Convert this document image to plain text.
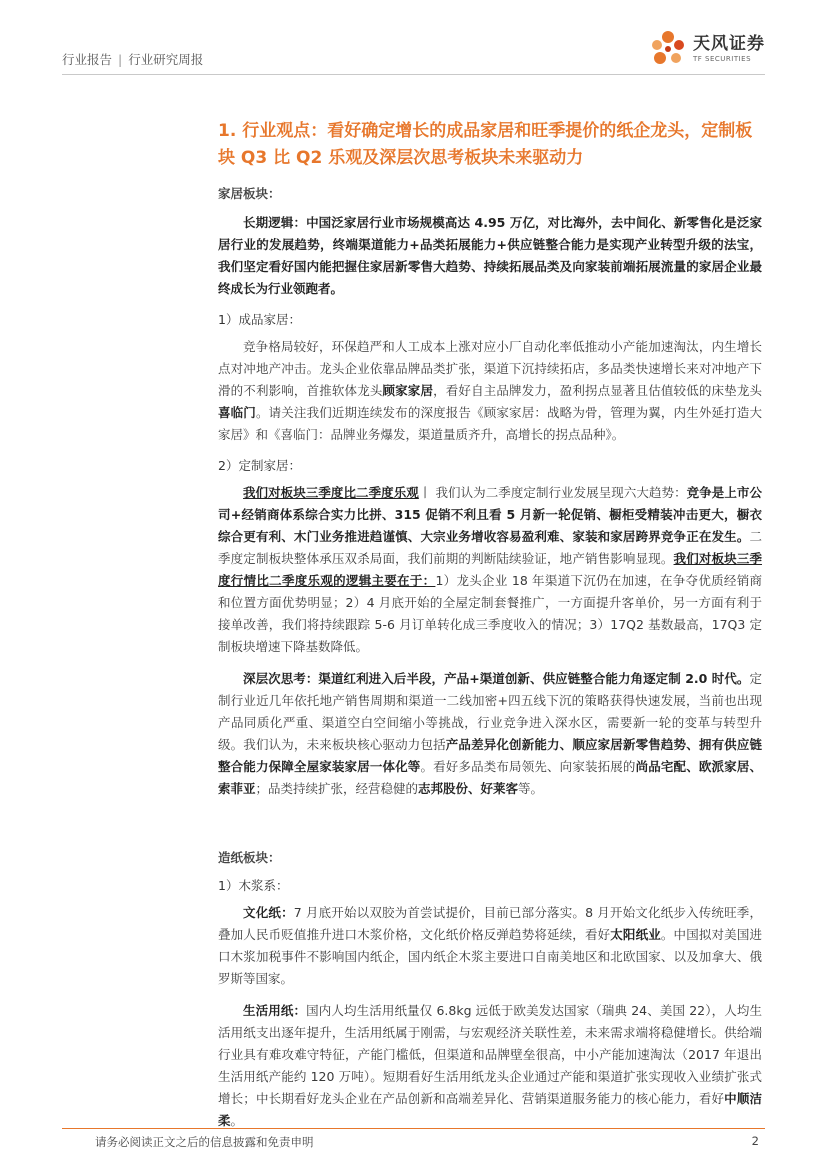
行业报告 | 行业研究周报
天风证券
TF SECURITIES
1. 行业观点：看好确定增长的成品家居和旺季提价的纸企龙头，定制板块 Q3 比 Q2 乐观及深层次思考板块未来驱动力
家居板块：

长期逻辑：中国泛家居行业市场规模高达 4.95 万亿，对比海外，去中间化、新零售化是泛家居行业的发展趋势，终端渠道能力+品类拓展能力+供应链整合能力是实现产业转型升级的法宝，我们坚定看好国内能把握住家居新零售大趋势、持续拓展品类及向家装前端拓展流量的家居企业最终成长为行业领跑者。

1）成品家居：

竞争格局较好，环保趋严和人工成本上涨对应小厂自动化率低推动小产能加速淘汰，内生增长点对冲地产冲击。龙头企业依靠品牌品类扩张，渠道下沉持续拓店，多品类快速增长来对冲地产下滑的不利影响，首推软体龙头顾家家居，看好自主品牌发力，盈利拐点显著且估值较低的床垫龙头喜临门。请关注我们近期连续发布的深度报告《顾家家居：战略为骨，管理为翼，内生外延打造大家居》和《喜临门：品牌业务爆发，渠道量质齐升，高增长的拐点品种》。

2）定制家居：

我们对板块三季度比二季度乐观丨 我们认为二季度定制行业发展呈现六大趋势：竞争是上市公司+经销商体系综合实力比拼、315 促销不利且看 5 月新一轮促销、橱柜受精装冲击更大，橱衣综合更有利、木门业务推进趋谨慎、大宗业务增收容易盈利难、家装和家居跨界竞争正在发生。二季度定制板块整体承压双杀局面，我们前期的判断陆续验证，地产销售影响显现。我们对板块三季度行情比二季度乐观的逻辑主要在于：1）龙头企业 18 年渠道下沉仍在加速，在争夺优质经销商和位置方面优势明显；2）4 月底开始的全屋定制套餐推广，一方面提升客单价，另一方面有利于接单改善，我们将持续跟踪 5-6 月订单转化成三季度收入的情况；3）17Q2 基数最高，17Q3 定制板块增速下降基数降低。

深层次思考：渠道红利进入后半段，产品+渠道创新、供应链整合能力角逐定制 2.0 时代。定制行业近几年依托地产销售周期和渠道一二线加密+四五线下沉的策略获得快速发展，当前也出现产品同质化严重、渠道空白空间缩小等挑战，行业竞争进入深水区，需要新一轮的变革与转型升级。我们认为，未来板块核心驱动力包括产品差异化创新能力、顺应家居新零售趋势、拥有供应链整合能力保障全屋家装家居一体化等。看好多品类布局领先、向家装拓展的尚品宅配、欧派家居、索菲亚；品类持续扩张，经营稳健的志邦股份、好莱客等。

造纸板块：
1）木浆系：

文化纸：7 月底开始以双胶为首尝试提价，目前已部分落实。8 月开始文化纸步入传统旺季，叠加人民币贬值推升进口木浆价格，文化纸价格反弹趋势将延续，看好太阳纸业。中国拟对美国进口木浆加税事件不影响国内纸企，国内纸企木浆主要进口自南美地区和北欧国家、以及加拿大、俄罗斯等国家。

生活用纸：国内人均生活用纸量仅 6.8kg 远低于欧美发达国家（瑞典 24、美国 22），人均生活用纸支出逐年提升，生活用纸属于刚需，与宏观经济关联性差，未来需求端将稳健增长。供给端行业具有难攻难守特征，产能门槛低，但渠道和品牌壁垒很高，中小产能加速淘汰（2017 年退出生活用纸产能约 120 万吨）。短期看好生活用纸龙头企业通过产能和渠道扩张实现收入业绩扩张式增长；中长期看好龙头企业在产品创新和高端差异化、营销渠道服务能力的核心能力，看好中顺洁柔。

请务必阅读正文之后的信息披露和免责申明	2
